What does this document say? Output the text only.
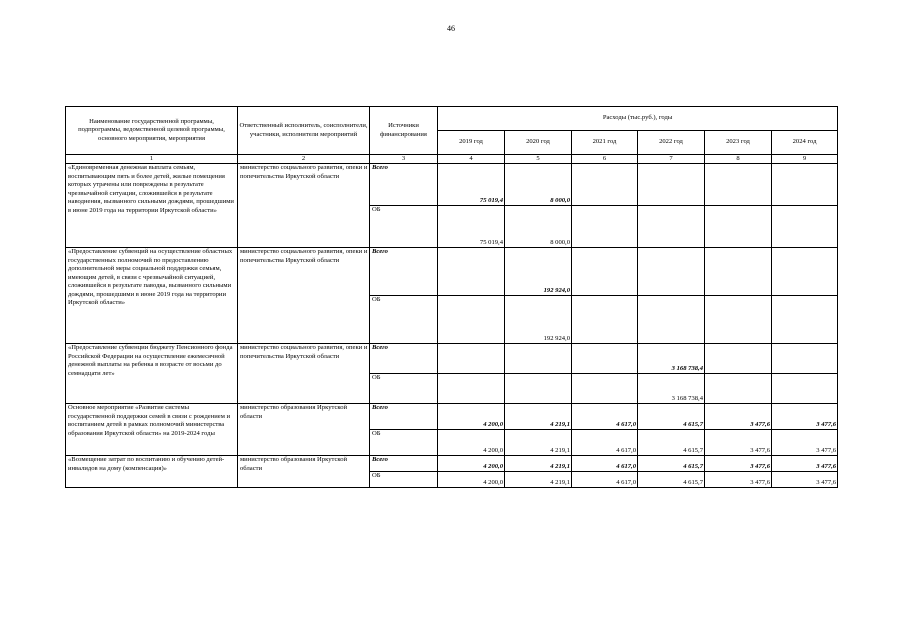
46
Наименование государственной программы, подпрограммы, ведомственной целевой программы, основного мероприятия, мероприятия	Ответственный исполнитель, соисполнители, участники, исполнители мероприятий	Источники финансирования	Расходы (тыс.руб.), годы					
			2019 год	2020 год	2021 год	2022 год	2023 год	2024 год
1	2	3	4	5	6	7	8	9
«Единовременная денежная выплата семьям, воспитывающим пять и более детей, жилые помещения которых утрачены или повреждены в результате чрезвычайной ситуации, сложившейся в результате наводнения, вызванного сильными дождями, прошедшими в июне 2019 года на территории Иркутской области»	министерство социального развития, опеки и попечительства Иркутской области	Всего	75 019,4	8 000,0				
		ОБ	75 019,4	8 000,0				
«Предоставление субвенций на осуществление областных государственных полномочий по предоставлению дополнительной меры социальной поддержки семьям, имеющим детей, в связи с чрезвычайной ситуацией, сложившейся в результате паводка, вызванного сильными дождями, прошедшими в июне 2019 года на территории Иркутской области»	министерство социального развития, опеки и попечительства Иркутской области	Всего		192 924,0				
		ОБ		192 924,0				
«Предоставление субвенции бюджету Пенсионного фонда Российской Федерации на осуществление ежемесячной денежной выплаты на ребенка в возрасте от восьми до семнадцати лет»	министерство социального развития, опеки и попечительства Иркутской области	Всего				3 168 738,4		
		ОБ				3 168 738,4		
Основное мероприятие «Развитие системы государственной поддержки семей в связи с рождением и воспитанием детей в рамках полномочий министерства образования Иркутской области» на 2019-2024 годы	министерство образования Иркутской области	Всего	4 200,0	4 219,1	4 617,0	4 615,7	3 477,6	3 477,6
		ОБ	4 200,0	4 219,1	4 617,0	4 615,7	3 477,6	3 477,6
«Возмещение затрат по воспитанию и обучению детей-инвалидов на дому (компенсация)»	министерство образования Иркутской области	Всего	4 200,0	4 219,1	4 617,0	4 615,7	3 477,6	3 477,6
		ОБ	4 200,0	4 219,1	4 617,0	4 615,7	3 477,6	3 477,6
